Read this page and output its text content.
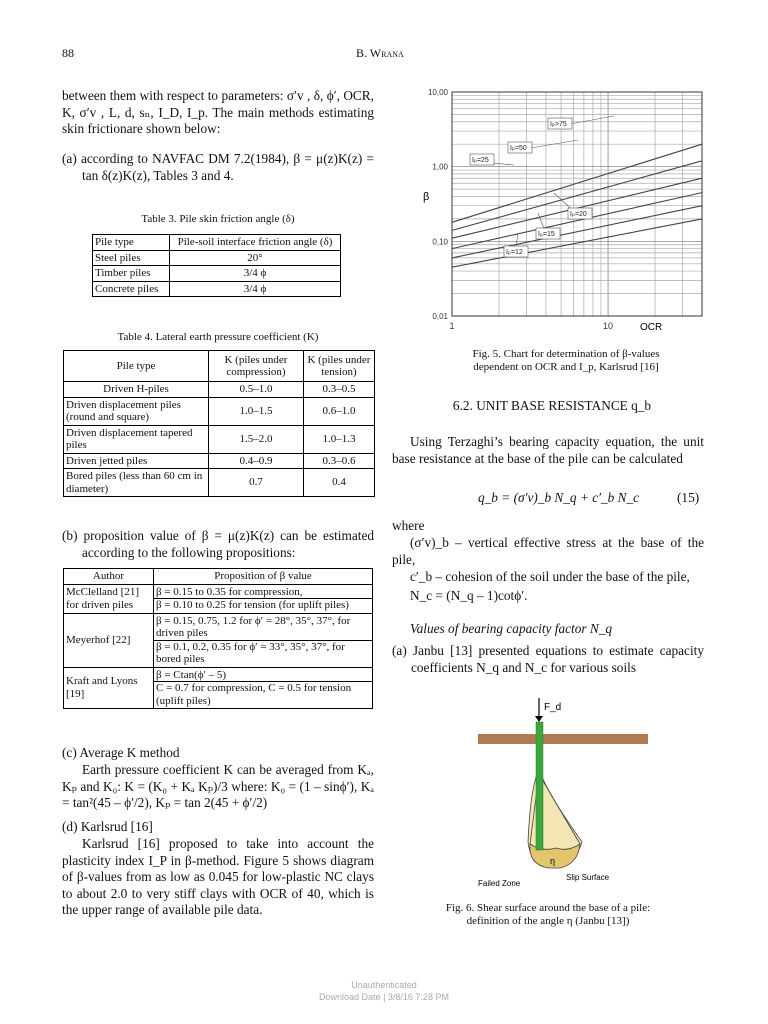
88	B. Wrana
between them with respect to parameters: σ′v , δ, ϕ′, OCR, K, σ′v , L, d, sₙ, I_D, I_p. The main methods estimating skin frictionare shown below:
(a) according to NAVFAC DM 7.2(1984), β = μ(z)K(z) = tan δ(z)K(z), Tables 3 and 4.
Table 3. Pile skin friction angle (δ)
Pile type	Pile-soil interface friction angle (δ)
Steel piles	20°
Timber piles	3/4 ϕ
Concrete piles	3/4 ϕ
Table 4. Lateral earth pressure coefficient (K)
Pile type	K (piles under compression)	K (piles under tension)
Driven H-piles	0.5–1.0	0.3–0.5
Driven displacement piles (round and square)	1.0–1.5	0.6–1.0
Driven displacement tapered piles	1.5–2.0	1.0–1.3
Driven jetted piles	0.4–0.9	0.3–0.6
Bored piles (less than 60 cm in diameter)	0.7	0.4
(b) proposition value of β = μ(z)K(z) can be estimated according to the following propositions:
Author	Proposition of β value
McClelland [21] for driven piles	β = 0.15 to 0.35 for compression,
β = 0.10 to 0.25 for tension (for uplift piles)

Meyerhof [22]	β = 0.15, 0.75, 1.2 for ϕ′ = 28°, 35°, 37°, for driven piles
β = 0.1, 0.2, 0.35 for ϕ′ = 33°, 35°, 37°, for bored piles

Kraft and Lyons [19]	β = Ctan(ϕ′ – 5)
C = 0.7 for compression, C = 0.5 for tension (uplift piles)
(c) Average K method
Earth pressure coefficient K can be averaged from Kₐ, Kₚ and K₀: K = (K₀ + Kₐ Kₚ)/3 where: K₀ = (1 – sinϕ′), Kₐ = tan²(45 – ϕ′/2), Kₚ = tan 2(45 + ϕ′/2)
(d) Karlsrud [16]
Karlsrud [16] proposed to take into account the plasticity index I_P in β-method. Figure 5 shows diagram of β-values from as low as 0.045 for low-plastic NC clays to about 2.0 to very stiff clays with OCR of 40, which is the upper range of available pile data.
0,01
0,10
1,00
10,00
1	10
β
OCR
Iₚ>75
Iₚ=50
Iₚ=25
Iₚ=20
Iₚ=15
Iₚ=12
Fig. 5. Chart for determination of β-values
dependent on OCR and I_p, Karlsrud [16]
6.2. UNIT BASE RESISTANCE q_b
Using Terzaghi’s bearing capacity equation, the unit base resistance at the base of the pile can be calculated
q_b = (σ′v)_b N_q + c′_b N_c	(15)
where
(σ′v)_b – vertical effective stress at the base of the pile,
c′_b – cohesion of the soil under the base of the pile,
N_c = (N_q – 1)cotϕ′.
Values of bearing capacity factor N_q
(a) Janbu [13] presented equations to estimate capacity coefficients N_q and N_c for various soils
F_d
η
Failed Zone
Slip Surface
Fig. 6. Shear surface around the base of a pile:
definition of the angle η (Janbu [13])
Unauthenticated
Download Date | 3/8/16 7:28 PM
